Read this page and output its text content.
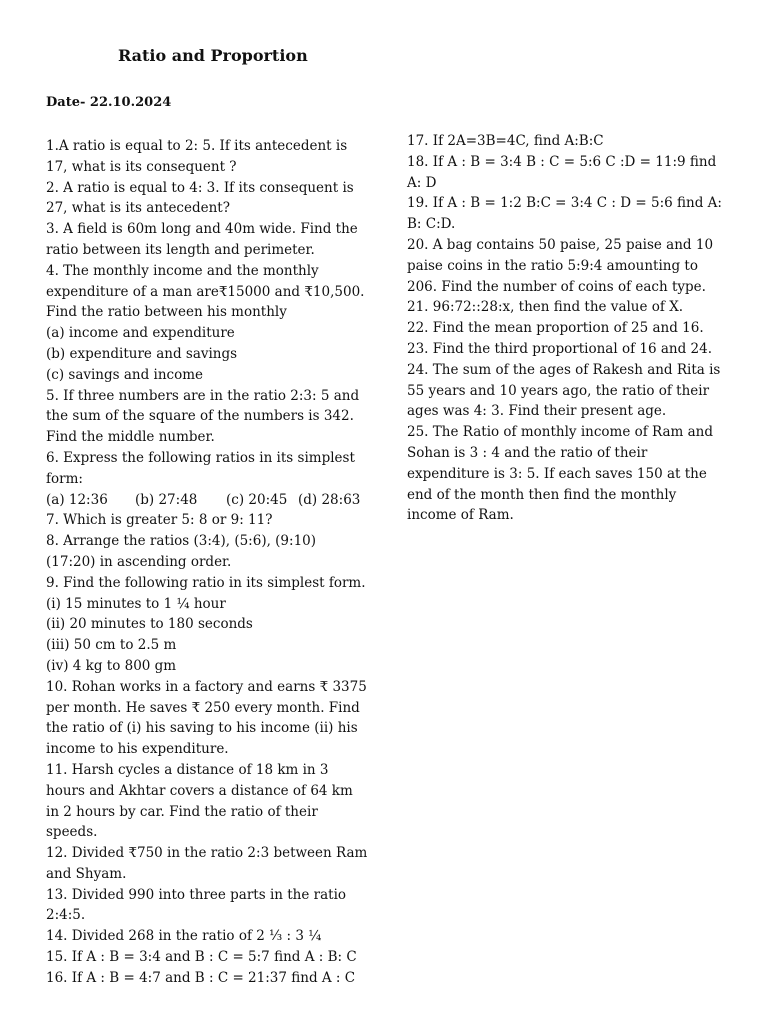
Ratio and Proportion
Date- 22.10.2024

1.A ratio is equal to 2: 5. If its antecedent is 17, what is its consequent ?

2. A ratio is equal to 4: 3. If its consequent is 27, what is its antecedent?

3. A field is 60m long and 40m wide. Find the ratio between its length and perimeter.

4. The monthly income and the monthly expenditure of a man are₹15000 and ₹10,500. Find the ratio between his monthly

(a) income and expenditure

(b) expenditure and savings

(c) savings and income

5. If three numbers are in the ratio 2:3: 5 and the sum of the square of the numbers is 342. Find the middle number.

6. Express the following ratios in its simplest form:

(a) 12:36	(b) 27:48	(c) 20:45 (d) 28:63

7. Which is greater 5: 8 or 9: 11?

8. Arrange the ratios (3:4), (5:6), (9:10) (17:20) in ascending order.

9. Find the following ratio in its simplest form.

(i) 15 minutes to 1 ¼ hour

(ii) 20 minutes to 180 seconds

(iii) 50 cm to 2.5 m

(iv) 4 kg to 800 gm

10. Rohan works in a factory and earns ₹ 3375 per month. He saves ₹ 250 every month. Find the ratio of (i) his saving to his income (ii) his income to his expenditure.

11. Harsh cycles a distance of 18 km in 3 hours and Akhtar covers a distance of 64 km in 2 hours by car. Find the ratio of their speeds.

12. Divided ₹750 in the ratio 2:3 between Ram and Shyam.

13. Divided 990 into three parts in the ratio 2:4:5.

14. Divided 268 in the ratio of 2 ⅓ : 3 ¼

15. If A : B = 3:4 and B : C = 5:7 find A : B: C

16. If A : B = 4:7 and B : C = 21:37 find A : C

17. If 2A=3B=4C, find A:B:C

18. If A : B = 3:4 B : C = 5:6 C :D = 11:9 find A: D

19. If A : B = 1:2 B:C = 3:4 C : D = 5:6 find A: B: C:D.

20. A bag contains 50 paise, 25 paise and 10 paise coins in the ratio 5:9:4 amounting to 206. Find the number of coins of each type.

21. 96:72::28:x, then find the value of X.

22. Find the mean proportion of 25 and 16.

23. Find the third proportional of 16 and 24.

24. The sum of the ages of Rakesh and Rita is 55 years and 10 years ago, the ratio of their ages was 4: 3. Find their present age.

25. The Ratio of monthly income of Ram and Sohan is 3 : 4 and the ratio of their expenditure is 3: 5. If each saves 150 at the end of the month then find the monthly income of Ram.
